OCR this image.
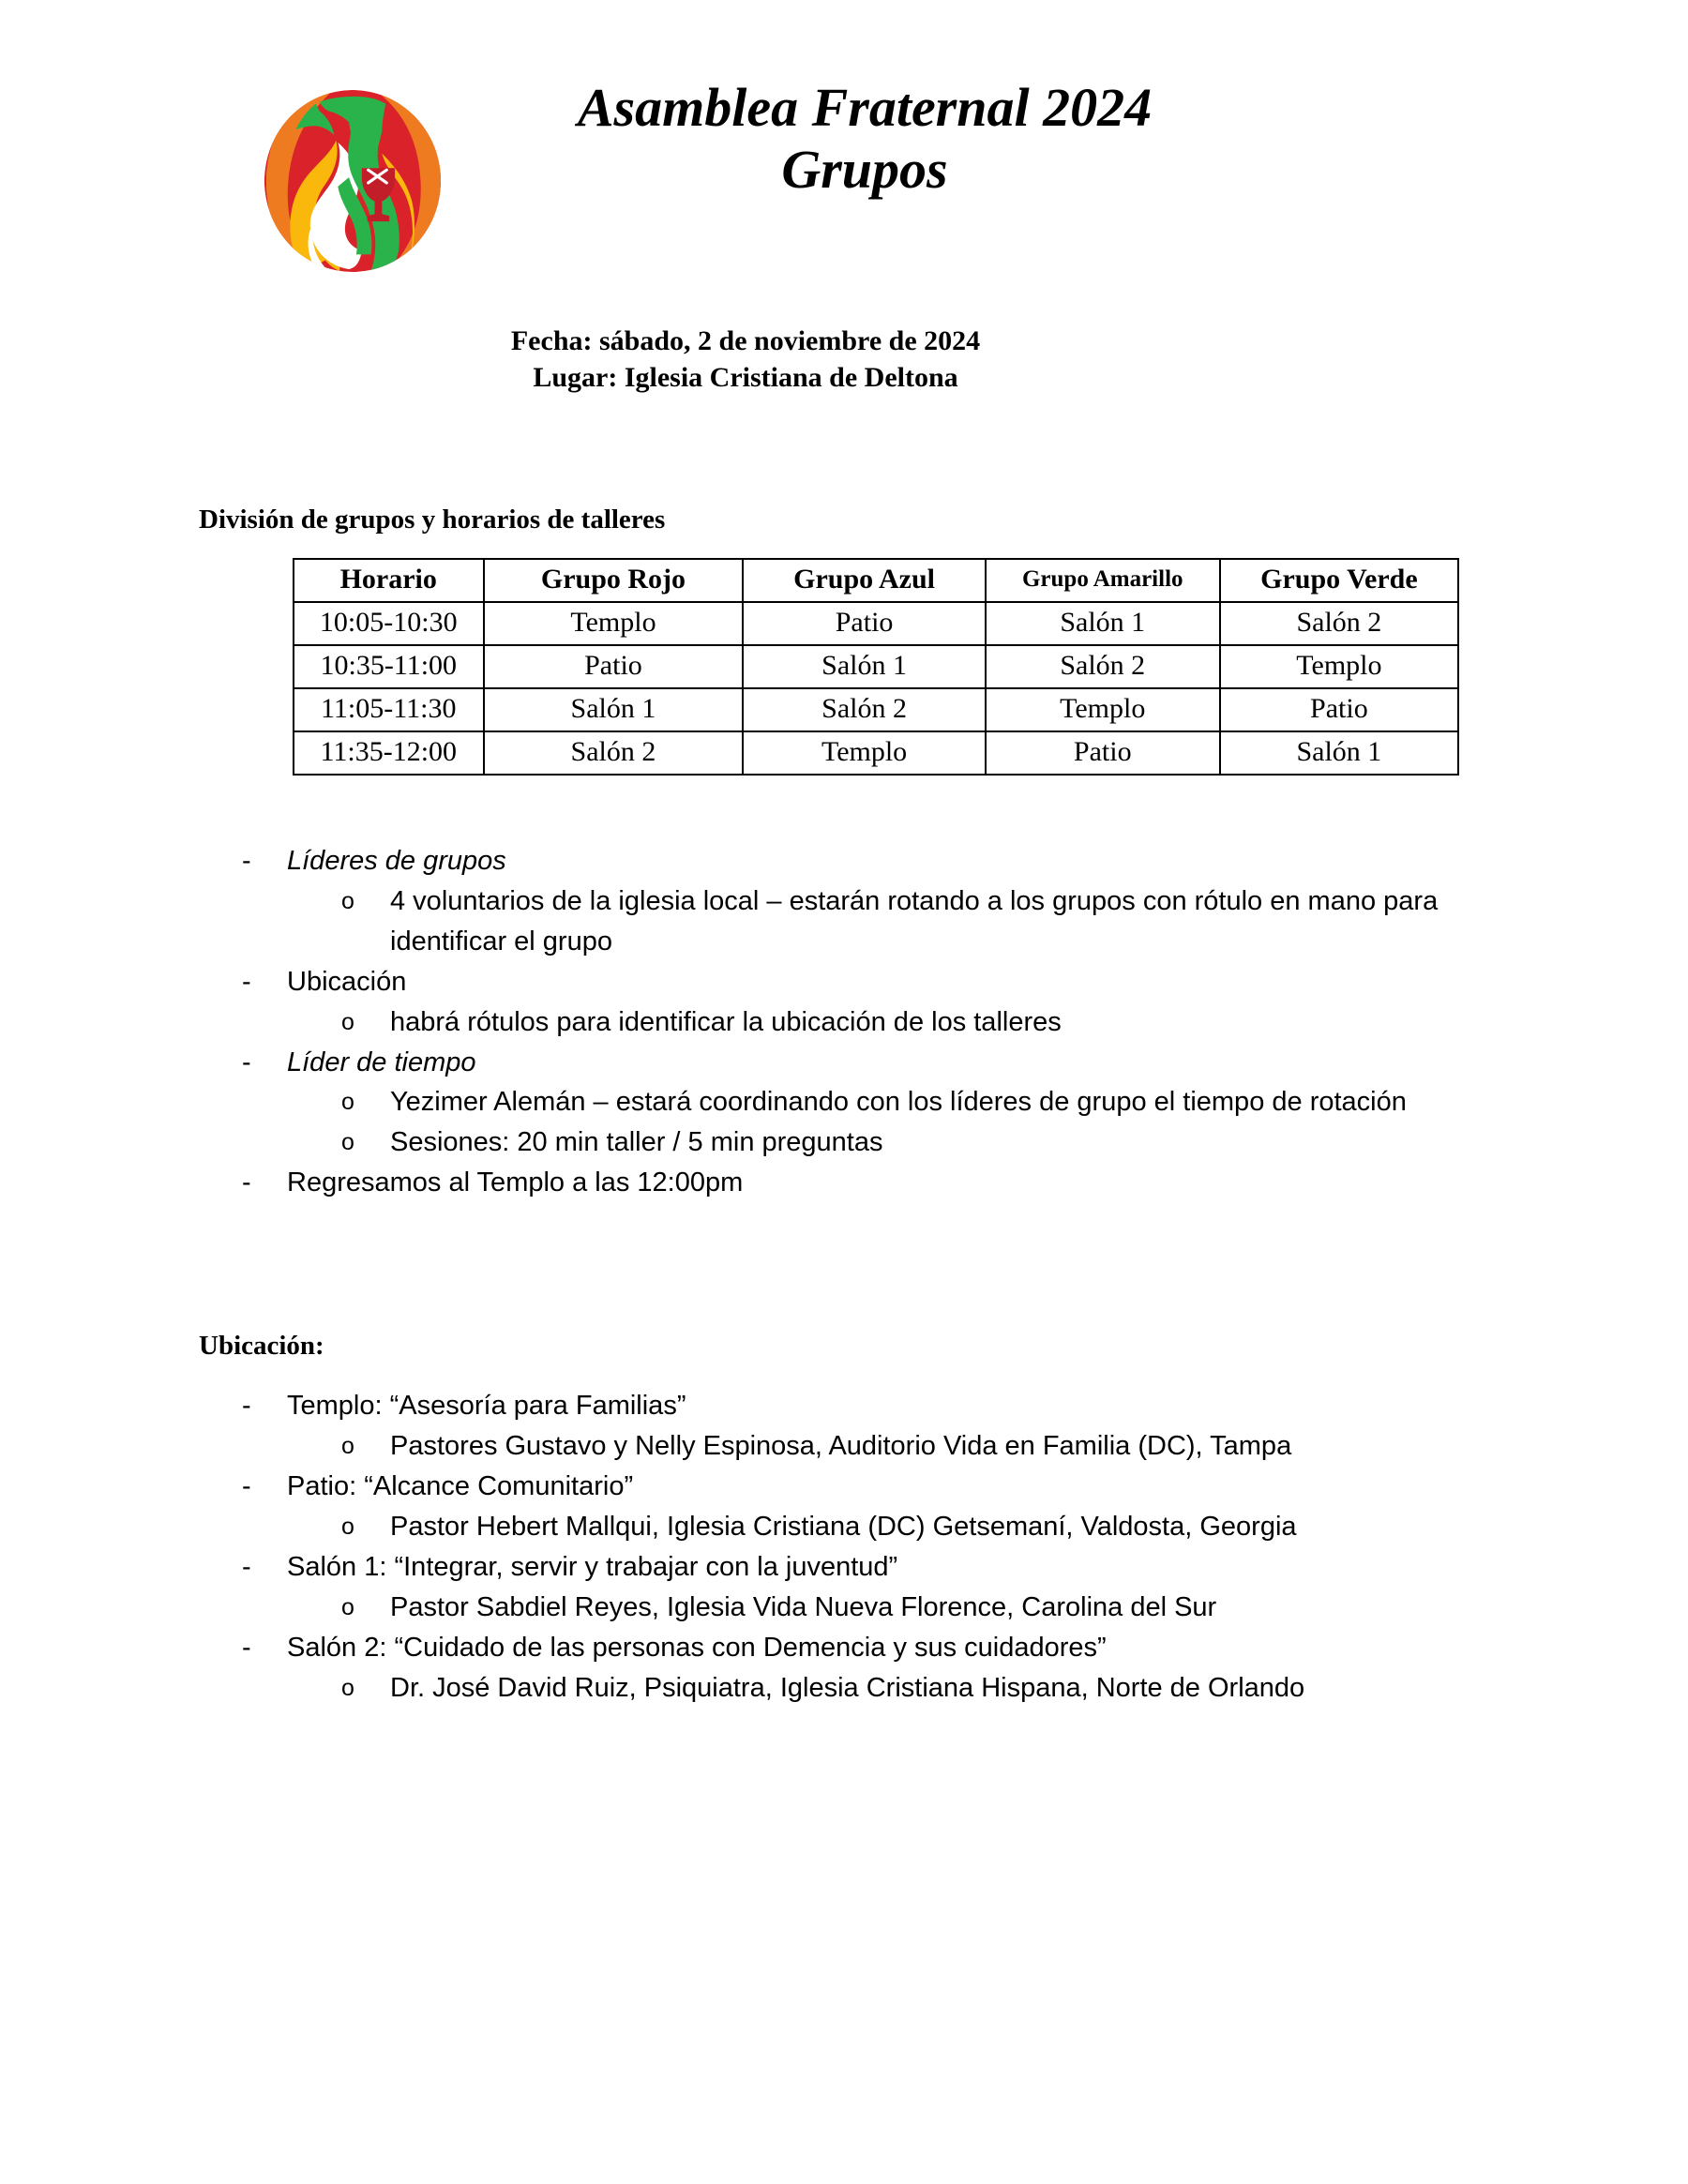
Asamblea Fraternal 2024
Grupos
Fecha: sábado, 2 de noviembre de 2024
Lugar: Iglesia Cristiana de Deltona
División de grupos y horarios de talleres
Horario	Grupo Rojo	Grupo Azul	Grupo Amarillo	Grupo Verde
10:05-10:30	Templo	Patio	Salón 1	Salón 2
10:35-11:00	Patio	Salón 1	Salón 2	Templo
11:05-11:30	Salón 1	Salón 2	Templo	Patio
11:35-12:00	Salón 2	Templo	Patio	Salón 1
-	Líderes de grupos
o	4 voluntarios de la iglesia local – estarán rotando a los grupos con rótulo en mano para identificar el grupo
-	Ubicación
o	habrá rótulos para identificar la ubicación de los talleres
-	Líder de tiempo
o	Yezimer Alemán – estará coordinando con los líderes de grupo el tiempo de rotación
o	Sesiones: 20 min taller / 5 min preguntas
-	Regresamos al Templo a las 12:00pm
Ubicación:
-	Templo: “Asesoría para Familias”
o	Pastores Gustavo y Nelly Espinosa, Auditorio Vida en Familia (DC), Tampa
-	Patio: “Alcance Comunitario”
o	Pastor Hebert Mallqui, Iglesia Cristiana (DC) Getsemaní, Valdosta, Georgia
-	Salón 1: “Integrar, servir y trabajar con la juventud”
o	Pastor Sabdiel Reyes, Iglesia Vida Nueva Florence, Carolina del Sur
-	Salón 2: “Cuidado de las personas con Demencia y sus cuidadores”
o	Dr. José David Ruiz, Psiquiatra, Iglesia Cristiana Hispana, Norte de Orlando
